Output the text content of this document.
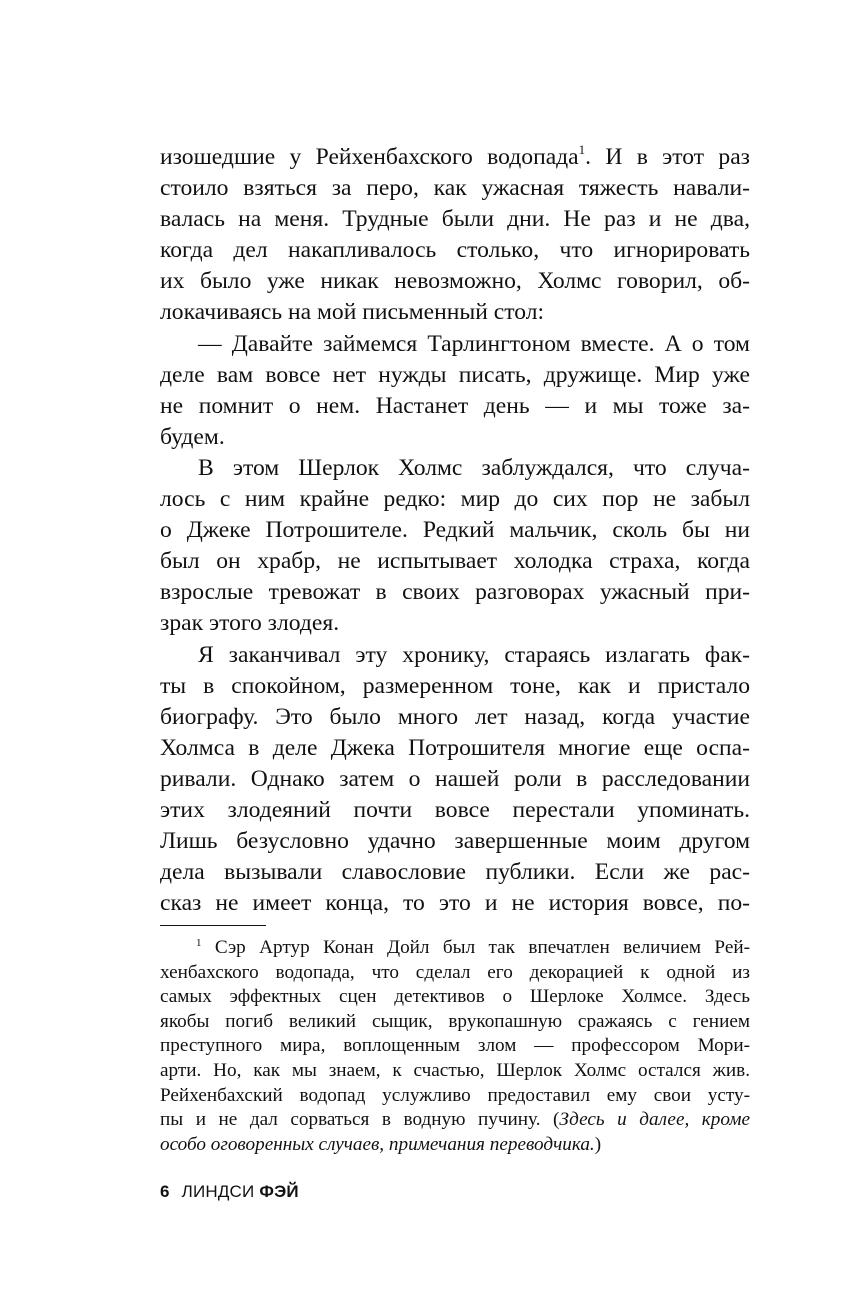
изошедшие у Рейхенбахского водопада$^1$. И в этот раз
стоило взяться за перо, как ужасная тяжесть навали-
валась на меня. Трудные были дни. Не раз и не два,
когда дел накапливалось столько, что игнорировать
их было уже никак невозможно, Холмс говорил, об-
локачиваясь на мой письменный стол:
— Давайте займемся Тарлингтоном вместе. А о том
деле вам вовсе нет нужды писать, дружище. Мир уже
не помнит о нем. Настанет день — и мы тоже за-
будем.
В этом Шерлок Холмс заблуждался, что случа-
лось с ним крайне редко: мир до сих пор не забыл
о Джеке Потрошителе. Редкий мальчик, сколь бы ни
был он храбр, не испытывает холодка страха, когда
взрослые тревожат в своих разговорах ужасный при-
зрак этого злодея.
Я заканчивал эту хронику, стараясь излагать фак-
ты в спокойном, размеренном тоне, как и пристало
биографу. Это было много лет назад, когда участие
Холмса в деле Джека Потрошителя многие еще оспа-
ривали. Однако затем о нашей роли в расследовании
этих злодеяний почти вовсе перестали упоминать.
Лишь безусловно удачно завершенные моим другом
дела вызывали славословие публики. Если же рас-
сказ не имеет конца, то это и не история вовсе, по-
$^1$ Сэр Артур Конан Дойл был так впечатлен величием Рей-
хенбахского водопада, что сделал его декорацией к одной из
самых эффектных сцен детективов о Шерлоке Холмсе. Здесь
якобы погиб великий сыщик, врукопашную сражаясь с гением
преступного мира, воплощенным злом — профессором Мори-
арти. Но, как мы знаем, к счастью, Шерлок Холмс остался жив.
Рейхенбахский водопад услужливо предоставил ему свои усту-
пы и не дал сорваться в водную пучину. (Здесь и далее, кроме
особо оговоренных случаев, примечания переводчика.)
6 ЛИНДСИ ФЭЙ
